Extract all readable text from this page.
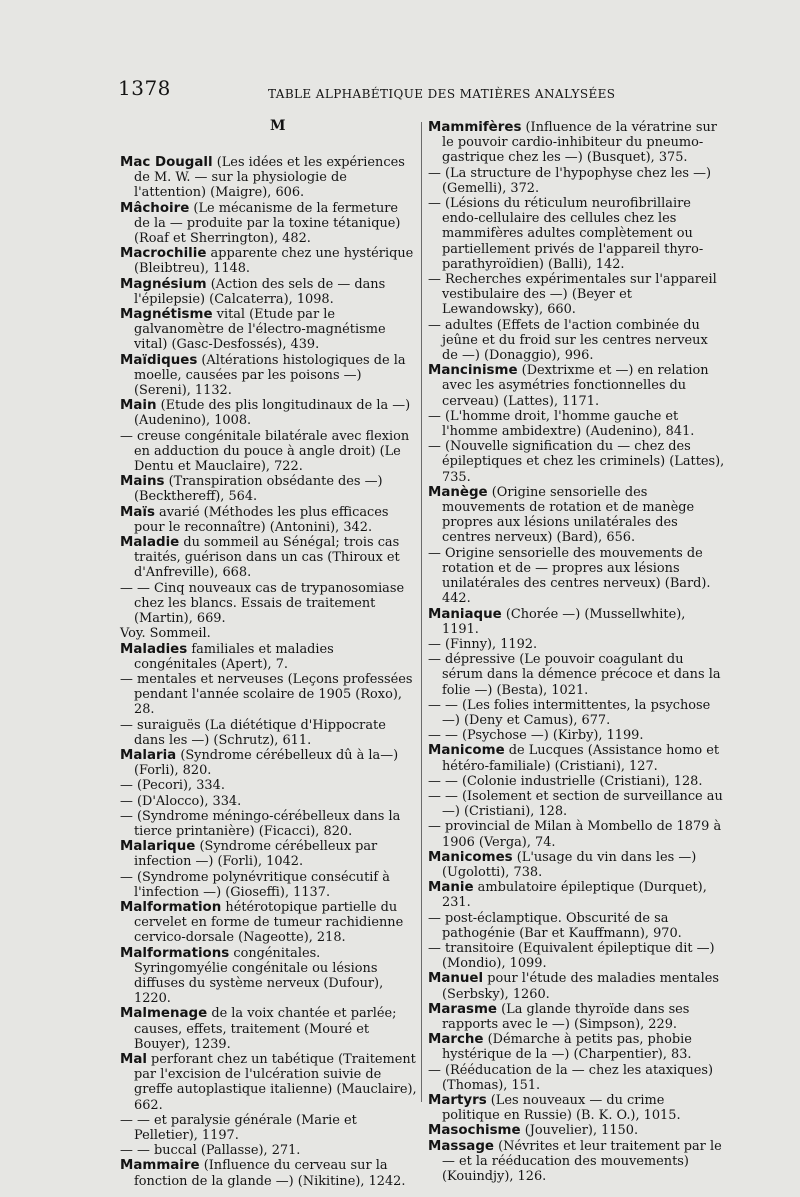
1378	TABLE ALPHABÉTIQUE DES MATIÈRES ANALYSÉES
M
Mac Dougall (Les idées et les expériences de M. W. — sur la physiologie de l'attention) (Maigre), 606.
Mâchoire (Le mécanisme de la fermeture de la — produite par la toxine tétanique) (Roaf et Sherrington), 482.
Macrochilie apparente chez une hystérique (Bleibtreu), 1148.
Magnésium (Action des sels de — dans l'épilepsie) (Calcaterra), 1098.
Magnétisme vital (Etude par le galvanomètre de l'électro-magnétisme vital) (Gasc-Desfossés), 439.
Maïdiques (Altérations histologiques de la moelle, causées par les poisons —) (Sereni), 1132.
Main (Etude des plis longitudinaux de la —) (Audenino), 1008.
— creuse congénitale bilatérale avec flexion en adduction du pouce à angle droit) (Le Dentu et Mauclaire), 722.
Mains (Transpiration obsédante des —) (Beckthereff), 564.
Maïs avarié (Méthodes les plus efficaces pour le reconnaître) (Antonini), 342.
Maladie du sommeil au Sénégal; trois cas traités, guérison dans un cas (Thiroux et d'Anfreville), 668.
— — Cinq nouveaux cas de trypanosomiase chez les blancs. Essais de traitement (Martin), 669.
Voy. Sommeil.
Maladies familiales et maladies congénitales (Apert), 7.
— mentales et nerveuses (Leçons professées pendant l'année scolaire de 1905 (Roxo), 28.
— suraiguës (La diététique d'Hippocrate dans les —) (Schrutz), 611.
Malaria (Syndrome cérébelleux dû à la—) (Forli), 820.
— (Pecori), 334.
— (D'Alocco), 334.
— (Syndrome méningo-cérébelleux dans la tierce printanière) (Ficacci), 820.
Malarique (Syndrome cérébelleux par infection —) (Forli), 1042.
— (Syndrome polynévritique consécutif à l'infection —) (Gioseffi), 1137.
Malformation hétérotopique partielle du cervelet en forme de tumeur rachidienne cervico-dorsale (Nageotte), 218.
Malformations congénitales. Syringomyélie congénitale ou lésions diffuses du système nerveux (Dufour), 1220.
Malmenage de la voix chantée et parlée; causes, effets, traitement (Mouré et Bouyer), 1239.
Mal perforant chez un tabétique (Traitement par l'excision de l'ulcération suivie de greffe autoplastique italienne) (Mauclaire), 662.
— — et paralysie générale (Marie et Pelletier), 1197.
— — buccal (Pallasse), 271.
Mammaire (Influence du cerveau sur la fonction de la glande —) (Nikitine), 1242.
Mammifères (Influence de la vératrine sur le pouvoir cardio-inhibiteur du pneumo-gastrique chez les —) (Busquet), 375.
— (La structure de l'hypophyse chez les —) (Gemelli), 372.
— (Lésions du réticulum neurofibrillaire endo-cellulaire des cellules chez les mammifères adultes complètement ou partiellement privés de l'appareil thyro-parathyroïdien) (Balli), 142.
— Recherches expérimentales sur l'appareil vestibulaire des —) (Beyer et Lewandowsky), 660.
— adultes (Effets de l'action combinée du jeûne et du froid sur les centres nerveux de —) (Donaggio), 996.
Mancinisme (Dextrixme et —) en relation avec les asymétries fonctionnelles du cerveau) (Lattes), 1171.
— (L'homme droit, l'homme gauche et l'homme ambidextre) (Audenino), 841.
— (Nouvelle signification du — chez des épileptiques et chez les criminels) (Lattes), 735.
Manège (Origine sensorielle des mouvements de rotation et de manège propres aux lésions unilatérales des centres nerveux) (Bard), 656.
— Origine sensorielle des mouvements de rotation et de — propres aux lésions unilatérales des centres nerveux) (Bard). 442.
Maniaque (Chorée —) (Mussellwhite), 1191.
— (Finny), 1192.
— dépressive (Le pouvoir coagulant du sérum dans la démence précoce et dans la folie —) (Besta), 1021.
— — (Les folies intermittentes, la psychose —) (Deny et Camus), 677.
— — (Psychose —) (Kirby), 1199.
Manicome de Lucques (Assistance homo et hétéro-familiale) (Cristiani), 127.
— — (Colonie industrielle (Cristiani), 128.
— — (Isolement et section de surveillance au —) (Cristiani), 128.
— provincial de Milan à Mombello de 1879 à 1906 (Verga), 74.
Manicomes (L'usage du vin dans les —) (Ugolotti), 738.
Manie ambulatoire épileptique (Durquet), 231.
— post-éclamptique. Obscurité de sa pathogénie (Bar et Kauffmann), 970.
— transitoire (Equivalent épileptique dit —) (Mondio), 1099.
Manuel pour l'étude des maladies mentales (Serbsky), 1260.
Marasme (La glande thyroïde dans ses rapports avec le —) (Simpson), 229.
Marche (Démarche à petits pas, phobie hystérique de la —) (Charpentier), 83.
— (Rééducation de la — chez les ataxiques) (Thomas), 151.
Martyrs (Les nouveaux — du crime politique en Russie) (B. K. O.), 1015.
Masochisme (Jouvelier), 1150.
Massage (Névrites et leur traitement par le — et la rééducation des mouvements) (Kouindjy), 126.
